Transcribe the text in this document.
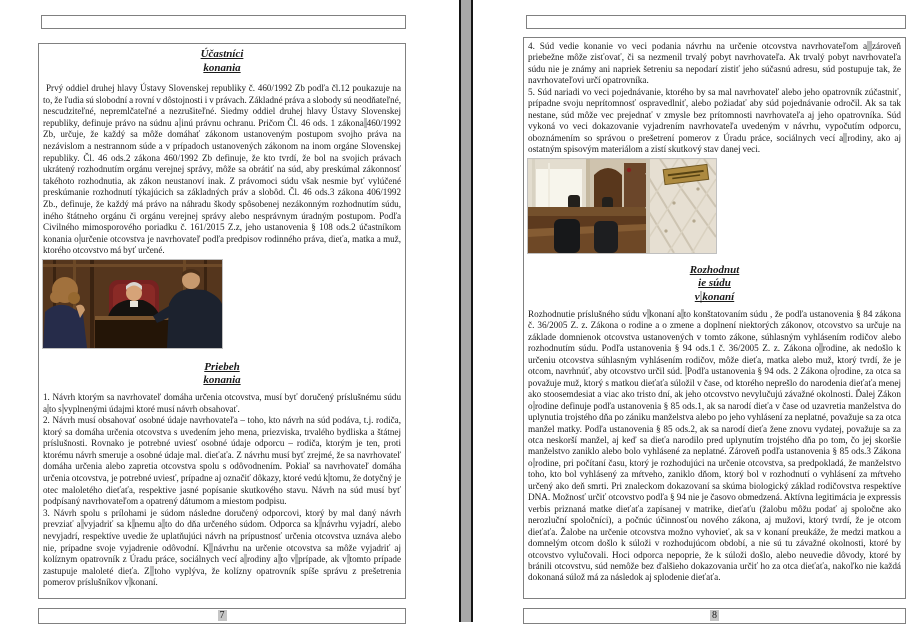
Účastníci
konania

Prvý oddiel druhej hlavy Ústavy Slovenskej republiky č. 460/1992 Zb podľa čl.12 poukazuje na to, že ľudia sú slobodní a rovní v dôstojnosti i v právach. Základné práva a slobody sú neodňateľné, nescudziteľné, nepremlčateľné a nezrušiteľné. Siedmy oddiel druhej hlavy Ústavy Slovenskej republiky, definuje právo na súdnu a inú právnu ochranu. Pričom Čl. 46 ods. 1 zákona 460/1992 Zb, určuje, že každý sa môže domáhať zákonom ustanoveným postupom svojho práva na nezávislom a nestrannom súde a v prípadoch ustanovených zákonom na inom orgáne Slovenskej republiky. Čl. 46 ods.2 zákona 460/1992 Zb definuje, že kto tvrdí, že bol na svojich právach ukrátený rozhodnutím orgánu verejnej správy, môže sa obrátiť na súd, aby preskúmal zákonnosť takéhoto rozhodnutia, ak zákon neustanoví inak. Z právomoci súdu však nesmie byť vylúčené preskúmanie rozhodnutí týkajúcich sa základných práv a slobôd. Čl. 46 ods.3 zákona 406/1992 Zb., definuje, že každý má právo na náhradu škody spôsobenej nezákonným rozhodnutím súdu, iného štátneho orgánu či orgánu verejnej správy alebo nesprávnym úradným postupom. Podľa Civilného mimosporového poriadku č. 161/2015 Z.z, jeho ustanovenia § 108 ods.2 účastníkom konania o určenie otcovstva je navrhovateľ podľa predpisov rodinného práva, dieťa, matka a muž, ktorého otcovstvo má byť určené.

Priebeh
konania

1. Návrh ktorým sa navrhovateľ domáha určenia otcovstva, musí byť doručený príslušnému súdu a to s vyplnenými údajmi ktoré musí návrh obsahovať.

2. Návrh musí obsahovať osobné údaje navrhovateľa – toho, kto návrh na súd podáva, t.j. rodiča, ktorý sa domáha určenia otcovstva s uvedením jeho mena, priezviska, trvalého bydliska a štátnej príslušnosti. Rovnako je potrebné uviesť osobné údaje odporcu – rodiča, ktorým je ten, proti ktorému návrh smeruje a osobné údaje mal. dieťaťa. Z návrhu musí byť zrejmé, že sa navrhovateľ domáha určenia alebo zapretia otcovstva spolu s odôvodnením. Pokiaľ sa navrhovateľ domáha určenia otcovstva, je potrebné uviesť, prípadne aj označiť dôkazy, ktoré vedú k tomu, že dotyčný je otec maloletého dieťaťa, respektive jasné popísanie skutkového stavu. Návrh na súd musí byť podpísaný navrhovateľom a opatrený dátumom a miestom podpisu.

3. Návrh spolu s prílohami je súdom následne doručený odporcovi, ktorý by mal daný návrh prevziať a vyjadriť sa k nemu a to do dňa určeného súdom. Odporca sa k návrhu vyjadrí, alebo nevyjadrí, respektíve uvedie že uplatňujúci návrh na prípustnosť určenia otcovstva uznáva alebo nie, prípadne svoje vyjadrenie odôvodní. K návrhu na určenie otcovstva sa môže vyjadriť aj kolíznym opatrovník z Úradu práce, sociálnych vecí a rodiny a to v prípade, ak v tomto prípade zastupuje maloleté dieťa. Z toho vyplýva, že kolízny opatrovník spíše správu z prešetrenia pomerov príslušníkov v konaní.

7

4. Súd vedie konanie vo veci podania návrhu na určenie otcovstva navrhovateľom a zároveň priebežne môže zisťovať, či sa nezmenil trvalý pobyt navrhovateľa. Ak trvalý pobyt navrhovateľa súdu nie je známy ani napriek šetreniu sa nepodarí zistiť jeho súčasnú adresu, súd postupuje tak, že navrhovateľovi určí opatrovníka.

5. Súd nariadi vo veci pojednávanie, ktorého by sa mal navrhovateľ alebo jeho opatrovník zúčastniť, prípadne svoju neprítomnosť ospravedlniť, alebo požiadať aby súd pojednávanie odročil. Ak sa tak nestane, súd môže vec prejednať v zmysle bez prítomnosti navrhovateľa aj jeho opatrovníka. Súd vykoná vo veci dokazovanie vyjadrením navrhovateľa uvedeným v návrhu, vypočutím odporcu, oboznámením so správou o prešetrení pomerov z Úradu práce, sociálnych vecí a rodiny, ako aj ostatným spisovým materiálom a zistí skutkový stav danej veci.

Rozhodnut
ie súdu
v konaní

Rozhodnutie príslušného súdu v konaní a to konštatovaním súdu , že podľa ustanovenia § 84 zákona č. 36/2005 Z. z. Zákona o rodine a o zmene a doplnení niektorých zákonov, otcovstvo sa určuje na základe domnienok otcovstva ustanovených v tomto zákone, súhlasným vyhlásením rodičov alebo rozhodnutím súdu. Podľa ustanovenia § 94 ods.1 č. 36/2005 Z. z. Zákona o rodine, ak nedošlo k určeniu otcovstva súhlasným vyhlásením rodičov, môže dieťa, matka alebo muž, ktorý tvrdí, že je otcom, navrhnúť, aby otcovstvo určil súd.  Podľa ustanovenia § 94 ods. 2 Zákona o rodine, za otca sa považuje muž, ktorý s matkou dieťaťa súložil v čase, od ktorého neprešlo do narodenia dieťaťa menej ako stoosemdesiat a viac ako tristo dní, ak jeho otcovstvo nevylučujú závažné okolnosti. Ďalej Zákon o rodine definuje podľa ustanovenia § 85 ods.1, ak sa narodí dieťa v čase od uzavretia manželstva do uplynutia trojstého dňa po zániku manželstva alebo po jeho vyhlásení za neplatné, považuje sa za otca manžel matky. Podľa ustanovenia § 85 ods.2, ak sa narodí dieťa žene znovu vydatej, považuje sa za otca neskorší manžel, aj keď sa dieťa narodilo pred uplynutím trojstého dňa po tom, čo jej skoršie manželstvo zaniklo alebo bolo vyhlásené za neplatné. Zároveň podľa ustanovenia § 85 ods.3 Zákona o rodine, pri počítaní času, ktorý je rozhodujúci na určenie otcovstva, sa predpokladá, že manželstvo toho, kto bol vyhlásený za mŕtveho, zaniklo dňom, ktorý bol v rozhodnutí o vyhlásení za mŕtveho určený ako deň smrti. Pri znaleckom dokazovaní sa skúma biologický základ rodičovstva respektíve DNA. Možnosť určiť otcovstvo podľa § 94 nie je časovo obmedzená. Aktívna legitimácia je expressis verbis priznaná matke dieťaťa zapísanej v matrike, dieťaťu (žalobu môžu podať aj spoločne ako nerozluční spoločníci), a počnúc účinnosťou nového zákona, aj mužovi, ktorý tvrdí, že je otcom dieťaťa. Žalobe na určenie otcovstva možno vyhovieť, ak sa v konaní preukáže, že medzi matkou a domnelým otcom došlo k súloži v rozhodujúcom období, a nie sú tu závažné okolnosti, ktoré by otcovstvo vylučovali. Hoci odporca nepoprie, že k súloži došlo, alebo neuvedie dôvody, ktoré by bránili otcovstvu, súd nemôže bez ďalšieho dokazovania určiť ho za otca dieťaťa, nakoľko nie každá dokonaná súlož má za následok aj splodenie dieťaťa.

8
